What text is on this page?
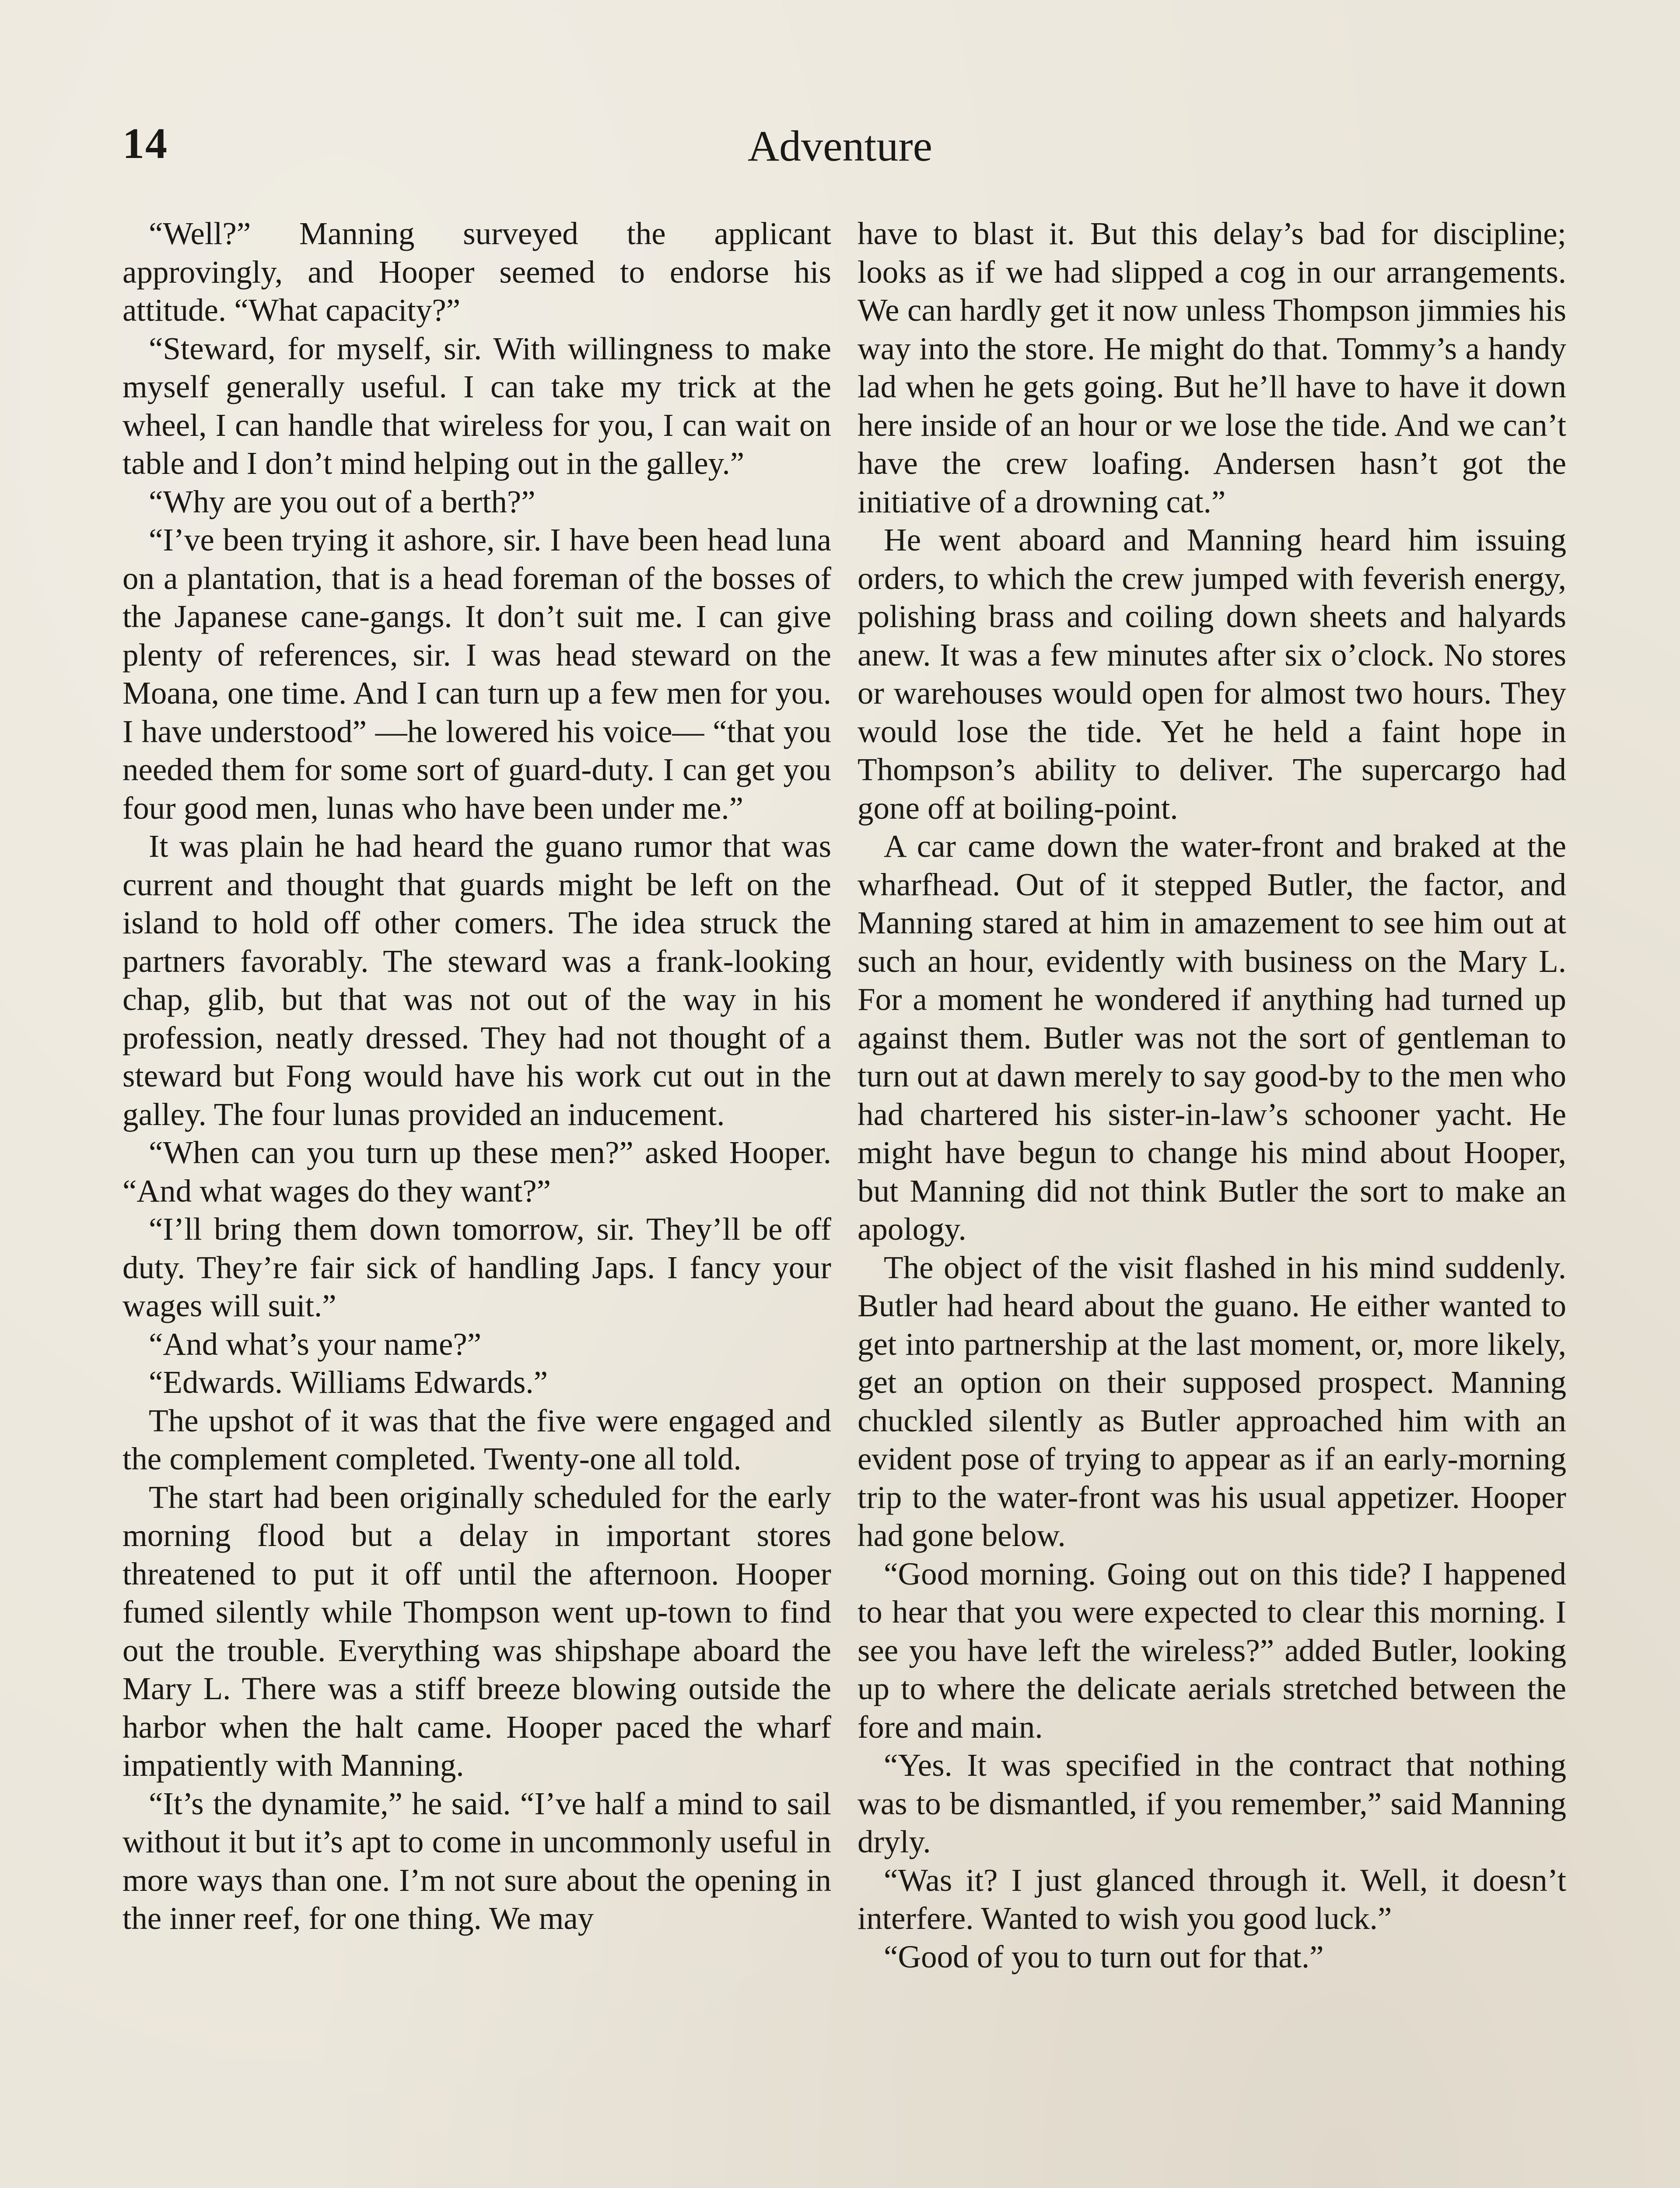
14	Adventure

“Well?” Manning surveyed the applicant approvingly, and Hooper seemed to endorse his attitude. “What capacity?”

“Steward, for myself, sir. With willingness to make myself generally useful. I can take my trick at the wheel, I can handle that wireless for you, I can wait on table and I don’t mind helping out in the galley.”

“Why are you out of a berth?”

“I’ve been trying it ashore, sir. I have been head luna on a plantation, that is a head foreman of the bosses of the Japanese cane-gangs. It don’t suit me. I can give plenty of references, sir. I was head steward on the Moana, one time. And I can turn up a few men for you. I have understood” —he lowered his voice— “that you needed them for some sort of guard-duty. I can get you four good men, lunas who have been under me.”

It was plain he had heard the guano rumor that was current and thought that guards might be left on the island to hold off other comers. The idea struck the partners favorably. The steward was a frank-looking chap, glib, but that was not out of the way in his profession, neatly dressed. They had not thought of a steward but Fong would have his work cut out in the galley. The four lunas provided an inducement.

“When can you turn up these men?” asked Hooper. “And what wages do they want?”

“I’ll bring them down tomorrow, sir. They’ll be off duty. They’re fair sick of handling Japs. I fancy your wages will suit.”

“And what’s your name?”

“Edwards. Williams Edwards.”

The upshot of it was that the five were engaged and the complement completed. Twenty-one all told.

The start had been originally scheduled for the early morning flood but a delay in important stores threatened to put it off until the afternoon. Hooper fumed silently while Thompson went up-town to find out the trouble. Everything was shipshape aboard the Mary L. There was a stiff breeze blowing outside the harbor when the halt came. Hooper paced the wharf impatiently with Manning.

“It’s the dynamite,” he said. “I’ve half a mind to sail without it but it’s apt to come in uncommonly useful in more ways than one. I’m not sure about the opening in the inner reef, for one thing. We may

have to blast it. But this delay’s bad for discipline; looks as if we had slipped a cog in our arrangements. We can hardly get it now unless Thompson jimmies his way into the store. He might do that. Tommy’s a handy lad when he gets going. But he’ll have to have it down here inside of an hour or we lose the tide. And we can’t have the crew loafing. Andersen hasn’t got the initiative of a drowning cat.”

He went aboard and Manning heard him issuing orders, to which the crew jumped with feverish energy, polishing brass and coiling down sheets and halyards anew. It was a few minutes after six o’clock. No stores or warehouses would open for almost two hours. They would lose the tide. Yet he held a faint hope in Thompson’s ability to deliver. The supercargo had gone off at boiling-point.

A car came down the water-front and braked at the wharfhead. Out of it stepped Butler, the factor, and Manning stared at him in amazement to see him out at such an hour, evidently with business on the Mary L. For a moment he wondered if anything had turned up against them. Butler was not the sort of gentleman to turn out at dawn merely to say good-by to the men who had chartered his sister-in-law’s schooner yacht. He might have begun to change his mind about Hooper, but Manning did not think Butler the sort to make an apology.

The object of the visit flashed in his mind suddenly. Butler had heard about the guano. He either wanted to get into partnership at the last moment, or, more likely, get an option on their supposed prospect. Manning chuckled silently as Butler approached him with an evident pose of trying to appear as if an early-morning trip to the water-front was his usual appetizer. Hooper had gone below.

“Good morning. Going out on this tide? I happened to hear that you were expected to clear this morning. I see you have left the wireless?” added Butler, looking up to where the delicate aerials stretched between the fore and main.

“Yes. It was specified in the contract that nothing was to be dismantled, if you remember,” said Manning dryly.

“Was it? I just glanced through it. Well, it doesn’t interfere. Wanted to wish you good luck.”

“Good of you to turn out for that.”
